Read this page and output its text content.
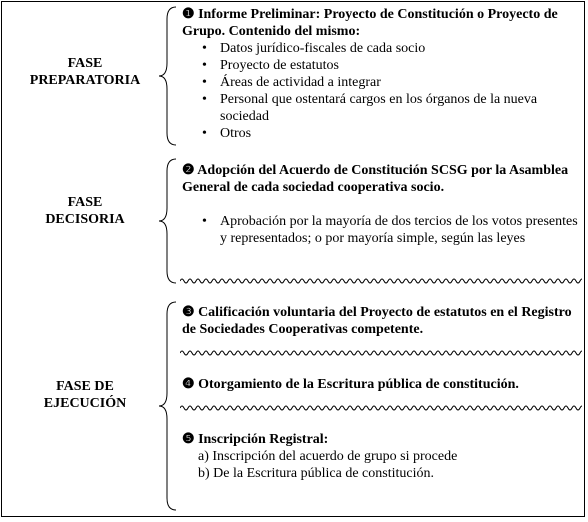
FASE
PREPARATORIA
FASE
DECISORIA
FASE DE
EJECUCIÓN
❶ Informe Preliminar: Proyecto de Constitución o Proyecto de Grupo. Contenido del mismo:
• Datos jurídico-fiscales de cada socio
• Proyecto de estatutos
• Áreas de actividad a integrar
• Personal que ostentará cargos en los órganos de la nueva sociedad
• Otros
❷ Adopción del Acuerdo de Constitución SCSG por la Asamblea General de cada sociedad cooperativa socio.
• Aprobación por la mayoría de dos tercios de los votos presentes y representados; o por mayoría simple, según las leyes
❸ Calificación voluntaria del Proyecto de estatutos en el Registro de Sociedades Cooperativas competente.
❹ Otorgamiento de la Escritura pública de constitución.
❺ Inscripción Registral:
a) Inscripción del acuerdo de grupo si procede
b) De la Escritura pública de constitución.
